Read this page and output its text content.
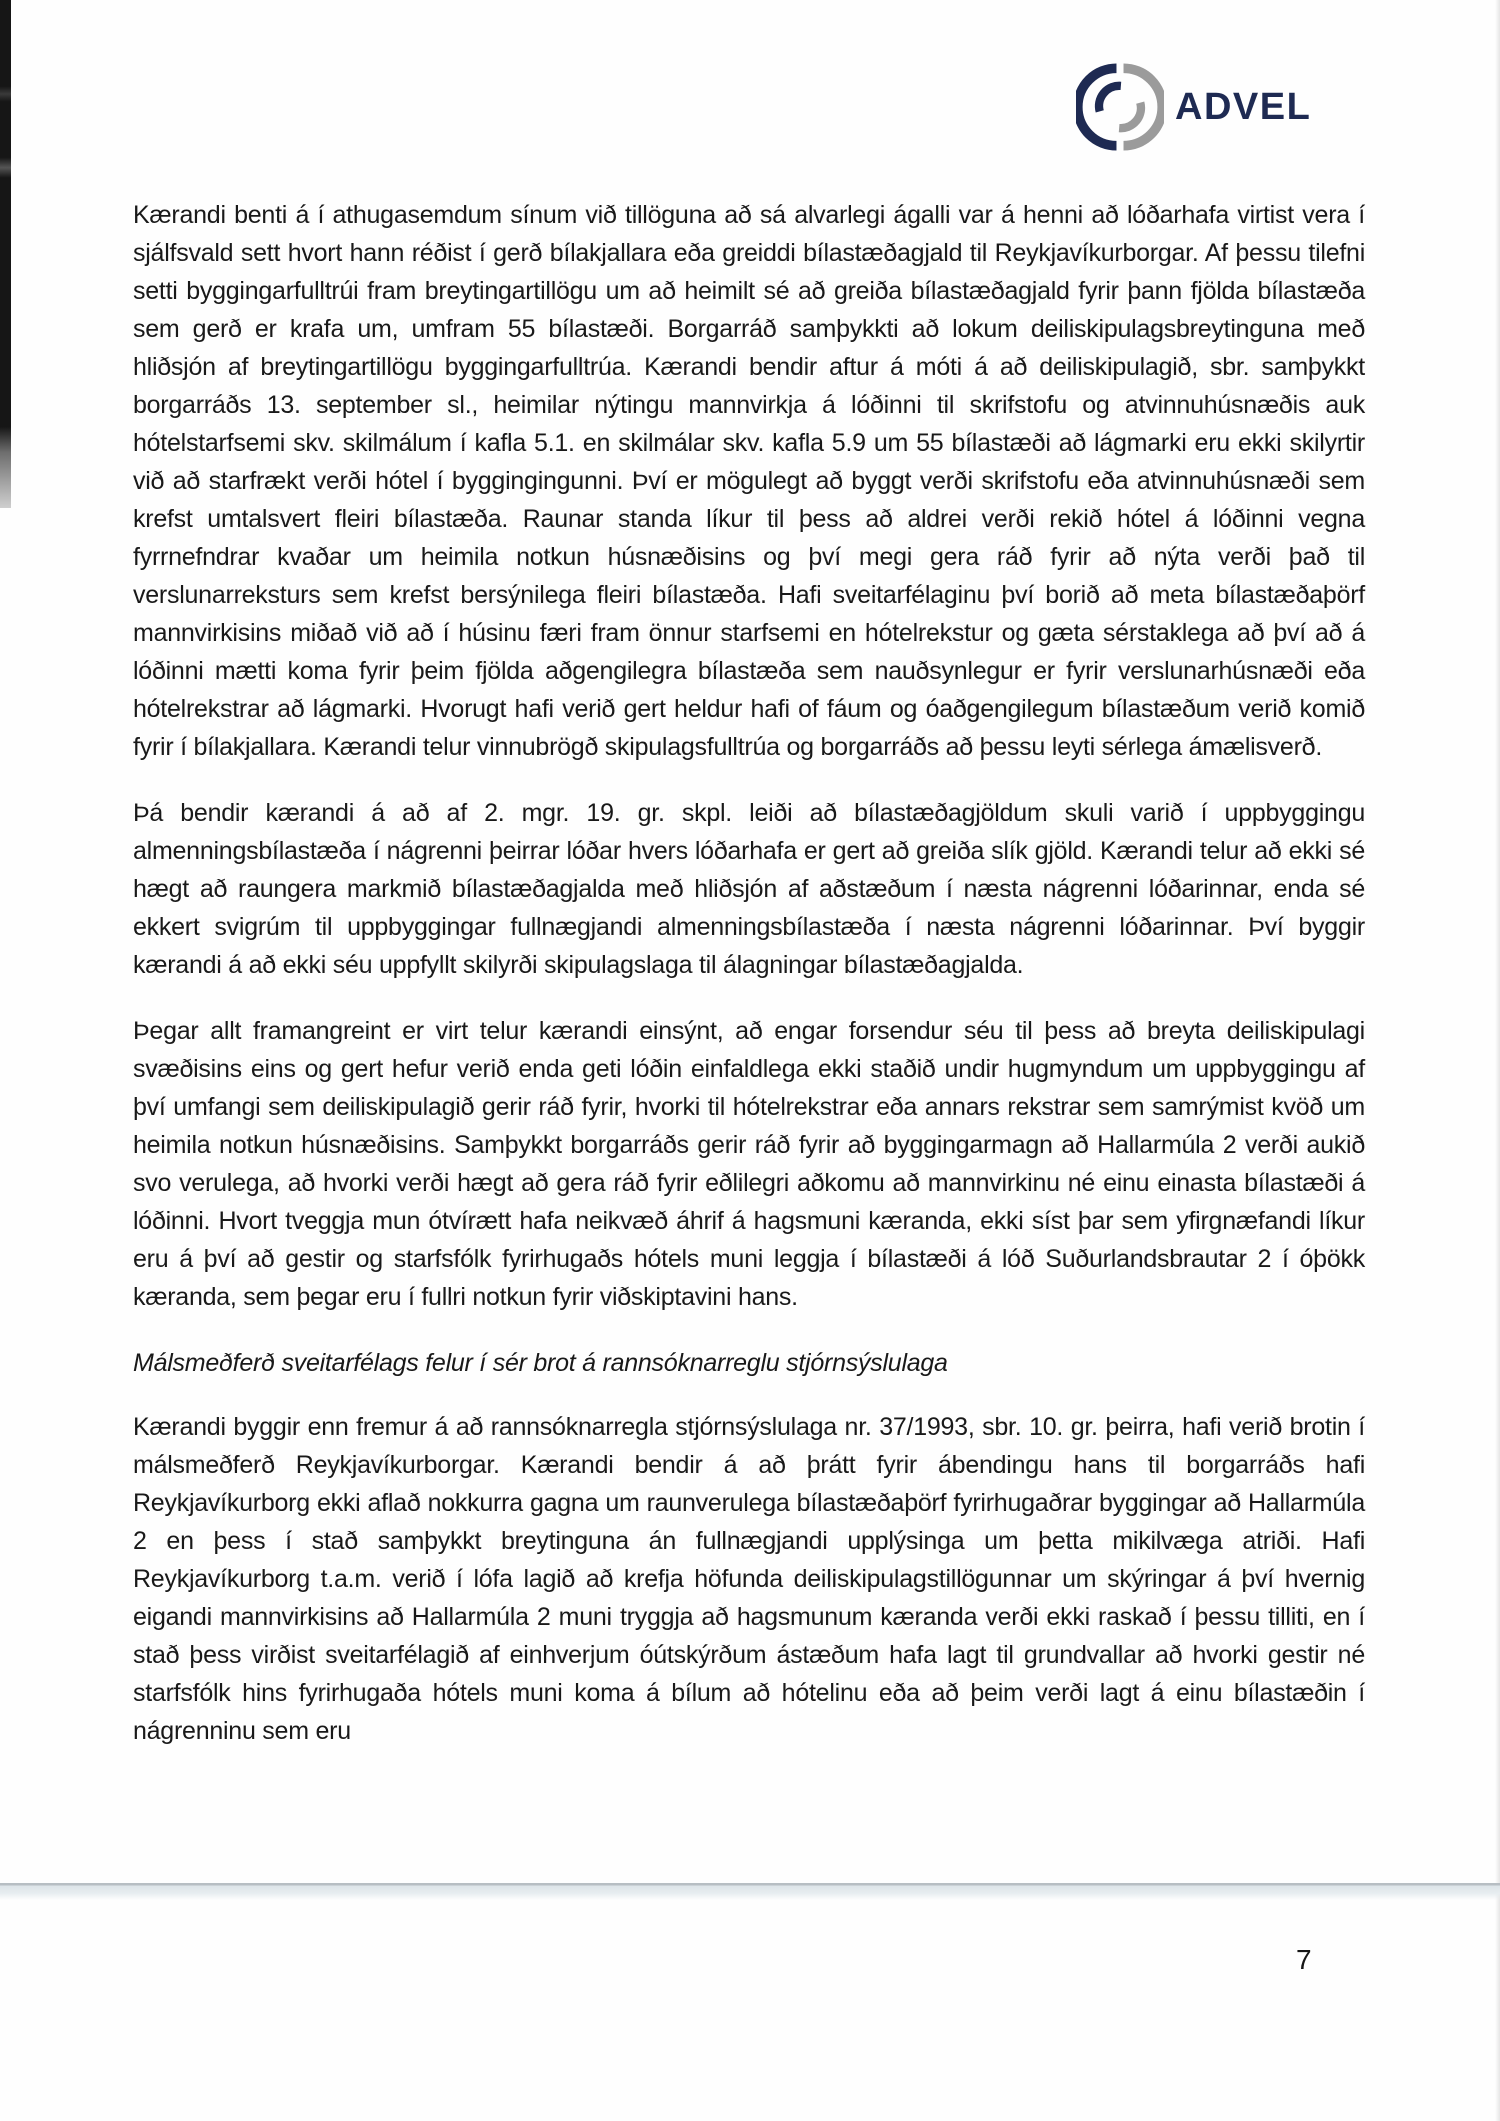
ADVEL

Kærandi benti á í athugasemdum sínum við tillöguna að sá alvarlegi ágalli var á henni að lóðarhafa virtist vera í sjálfsvald sett hvort hann réðist í gerð bílakjallara eða greiddi bílastæðagjald til Reykjavíkurborgar. Af þessu tilefni setti byggingarfulltrúi fram breytingartillögu um að heimilt sé að greiða bílastæðagjald fyrir þann fjölda bílastæða sem gerð er krafa um, umfram 55 bílastæði. Borgarráð samþykkti að lokum deiliskipulagsbreytinguna með hliðsjón af breytingartillögu byggingarfulltrúa. Kærandi bendir aftur á móti á að deiliskipulagið, sbr. samþykkt borgarráðs 13. september sl., heimilar nýtingu mannvirkja á lóðinni til skrifstofu og atvinnuhúsnæðis auk hótelstarfsemi skv. skilmálum í kafla 5.1. en skilmálar skv. kafla 5.9 um 55 bílastæði að lágmarki eru ekki skilyrtir við að starfrækt verði hótel í byggingingunni. Því er mögulegt að byggt verði skrifstofu eða atvinnuhúsnæði sem krefst umtalsvert fleiri bílastæða. Raunar standa líkur til þess að aldrei verði rekið hótel á lóðinni vegna fyrrnefndrar kvaðar um heimila notkun húsnæðisins og því megi gera ráð fyrir að nýta verði það til verslunarreksturs sem krefst bersýnilega fleiri bílastæða. Hafi sveitarfélaginu því borið að meta bílastæðaþörf mannvirkisins miðað við að í húsinu færi fram önnur starfsemi en hótelrekstur og gæta sérstaklega að því að á lóðinni mætti koma fyrir þeim fjölda aðgengilegra bílastæða sem nauðsynlegur er fyrir verslunarhúsnæði eða hótelrekstrar að lágmarki. Hvorugt hafi verið gert heldur hafi of fáum og óaðgengilegum bílastæðum verið komið fyrir í bílakjallara. Kærandi telur vinnubrögð skipulagsfulltrúa og borgarráðs að þessu leyti sérlega ámælisverð.

Þá bendir kærandi á að af 2. mgr. 19. gr. skpl. leiði að bílastæðagjöldum skuli varið í uppbyggingu almenningsbílastæða í nágrenni þeirrar lóðar hvers lóðarhafa er gert að greiða slík gjöld. Kærandi telur að ekki sé hægt að raungera markmið bílastæðagjalda með hliðsjón af aðstæðum í næsta nágrenni lóðarinnar, enda sé ekkert svigrúm til uppbyggingar fullnægjandi almenningsbílastæða í næsta nágrenni lóðarinnar. Því byggir kærandi á að ekki séu uppfyllt skilyrði skipulagslaga til álagningar bílastæðagjalda.

Þegar allt framangreint er virt telur kærandi einsýnt, að engar forsendur séu til þess að breyta deiliskipulagi svæðisins eins og gert hefur verið enda geti lóðin einfaldlega ekki staðið undir hugmyndum um uppbyggingu af því umfangi sem deiliskipulagið gerir ráð fyrir, hvorki til hótelrekstrar eða annars rekstrar sem samrýmist kvöð um heimila notkun húsnæðisins. Samþykkt borgarráðs gerir ráð fyrir að byggingarmagn að Hallarmúla 2 verði aukið svo verulega, að hvorki verði hægt að gera ráð fyrir eðlilegri aðkomu að mannvirkinu né einu einasta bílastæði á lóðinni. Hvort tveggja mun ótvírætt hafa neikvæð áhrif á hagsmuni kæranda, ekki síst þar sem yfirgnæfandi líkur eru á því að gestir og starfsfólk fyrirhugaðs hótels muni leggja í bílastæði á lóð Suðurlandsbrautar 2 í óþökk kæranda, sem þegar eru í fullri notkun fyrir viðskiptavini hans.

Málsmeðferð sveitarfélags felur í sér brot á rannsóknarreglu stjórnsýslulaga

Kærandi byggir enn fremur á að rannsóknarregla stjórnsýslulaga nr. 37/1993, sbr. 10. gr. þeirra, hafi verið brotin í málsmeðferð Reykjavíkurborgar. Kærandi bendir á að þrátt fyrir ábendingu hans til borgarráðs hafi Reykjavíkurborg ekki aflað nokkurra gagna um raunverulega bílastæðaþörf fyrirhugaðrar byggingar að Hallarmúla 2 en þess í stað samþykkt breytinguna án fullnægjandi upplýsinga um þetta mikilvæga atriði. Hafi Reykjavíkurborg t.a.m. verið í lófa lagið að krefja höfunda deiliskipulagstillögunnar um skýringar á því hvernig eigandi mannvirkisins að Hallarmúla 2 muni tryggja að hagsmunum kæranda verði ekki raskað í þessu tilliti, en í stað þess virðist sveitarfélagið af einhverjum óútskýrðum ástæðum hafa lagt til grundvallar að hvorki gestir né starfsfólk hins fyrirhugaða hótels muni koma á bílum að hótelinu eða að þeim verði lagt á einu bílastæðin í nágrenninu sem eru

7
